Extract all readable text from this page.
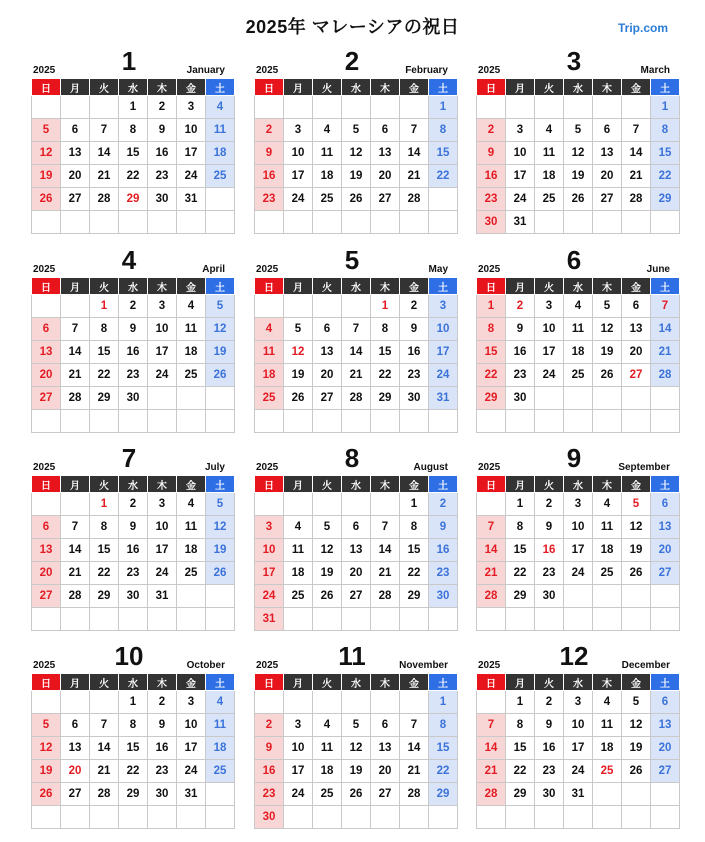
2025年 マレーシアの祝日	Trip.com
2025	1	January
日	月	火	水	木	金	土
			1	2	3	4
5	6	7	8	9	10	11
12	13	14	15	16	17	18
19	20	21	22	23	24	25
26	27	28	29	30	31	

2025	2	February
日	月	火	水	木	金	土
						1
2	3	4	5	6	7	8
9	10	11	12	13	14	15
16	17	18	19	20	21	22
23	24	25	26	27	28	

2025	3	March
日	月	火	水	木	金	土
						1
2	3	4	5	6	7	8
9	10	11	12	13	14	15
16	17	18	19	20	21	22
23	24	25	26	27	28	29
30	31					
2025	4	April
日	月	火	水	木	金	土
		1	2	3	4	5
6	7	8	9	10	11	12
13	14	15	16	17	18	19
20	21	22	23	24	25	26
27	28	29	30			

2025	5	May
日	月	火	水	木	金	土
				1	2	3
4	5	6	7	8	9	10
11	12	13	14	15	16	17
18	19	20	21	22	23	24
25	26	27	28	29	30	31

2025	6	June
日	月	火	水	木	金	土
1	2	3	4	5	6	7
8	9	10	11	12	13	14
15	16	17	18	19	20	21
22	23	24	25	26	27	28
29	30					

2025	7	July
日	月	火	水	木	金	土
		1	2	3	4	5
6	7	8	9	10	11	12
13	14	15	16	17	18	19
20	21	22	23	24	25	26
27	28	29	30	31		

2025	8	August
日	月	火	水	木	金	土
					1	2
3	4	5	6	7	8	9
10	11	12	13	14	15	16
17	18	19	20	21	22	23
24	25	26	27	28	29	30
31						
2025	9	September
日	月	火	水	木	金	土
	1	2	3	4	5	6
7	8	9	10	11	12	13
14	15	16	17	18	19	20
21	22	23	24	25	26	27
28	29	30				

2025	10	October
日	月	火	水	木	金	土
			1	2	3	4
5	6	7	8	9	10	11
12	13	14	15	16	17	18
19	20	21	22	23	24	25
26	27	28	29	30	31	

2025	11	November
日	月	火	水	木	金	土
						1
2	3	4	5	6	7	8
9	10	11	12	13	14	15
16	17	18	19	20	21	22
23	24	25	26	27	28	29
30						
2025	12	December
日	月	火	水	木	金	土
	1	2	3	4	5	6
7	8	9	10	11	12	13
14	15	16	17	18	19	20
21	22	23	24	25	26	27
28	29	30	31			
